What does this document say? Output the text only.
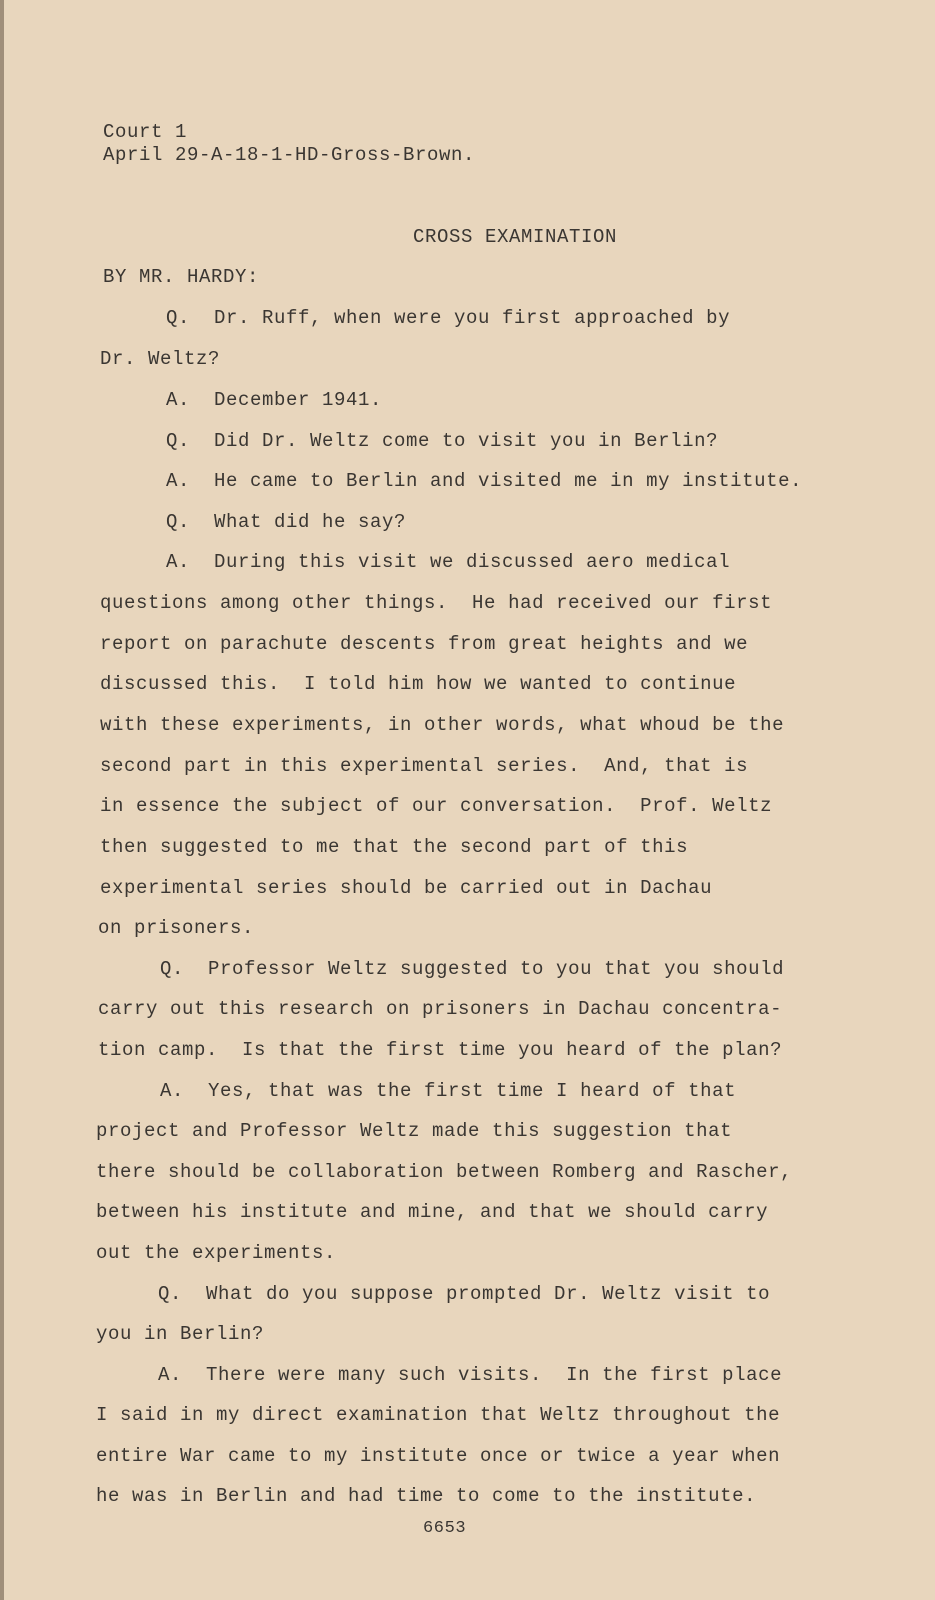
Court 1
April 29-A-18-1-HD-Gross-Brown.
CROSS EXAMINATION
BY MR. HARDY:
Q.  Dr. Ruff, when were you first approached by
Dr. Weltz?
A.  December 1941.
Q.  Did Dr. Weltz come to visit you in Berlin?
A.  He came to Berlin and visited me in my institute.
Q.  What did he say?
A.  During this visit we discussed aero medical
questions among other things.  He had received our first
report on parachute descents from great heights and we
discussed this.  I told him how we wanted to continue
with these experiments, in other words, what whoud be the
second part in this experimental series.  And, that is
in essence the subject of our conversation.  Prof. Weltz
then suggested to me that the second part of this
experimental series should be carried out in Dachau
on prisoners.
Q.  Professor Weltz suggested to you that you should
carry out this research on prisoners in Dachau concentra-
tion camp.  Is that the first time you heard of the plan?
A.  Yes, that was the first time I heard of that
project and Professor Weltz made this suggestion that
there should be collaboration between Romberg and Rascher,
between his institute and mine, and that we should carry
out the experiments.
Q.  What do you suppose prompted Dr. Weltz visit to
you in Berlin?
A.  There were many such visits.  In the first place
I said in my direct examination that Weltz throughout the
entire War came to my institute once or twice a year when
he was in Berlin and had time to come to the institute.
6653
